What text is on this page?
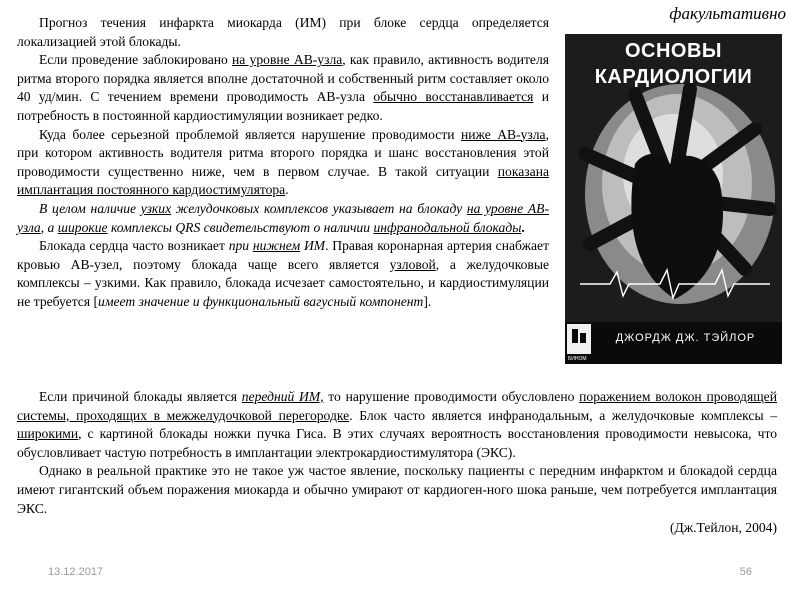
факультативно

Прогноз течения инфаркта миокарда (ИМ) при блоке сердца определяется локализацией этой блокады.

Если проведение заблокировано на уровне АВ-узла, как правило, активность водителя ритма второго порядка является вполне достаточной и собственный ритм составляет около 40 уд/мин. С течением времени проводимость АВ-узла обычно восстанавливается и потребность в постоянной кардиостимуляции возникает редко.

Куда более серьезной проблемой является нарушение проводимости ниже АВ-узла, при котором активность водителя ритма второго порядка и шанс восстановления этой проводимости существенно ниже, чем в первом случае. В такой ситуации показана имплантация постоянного кардиостимулятора.

В целом наличие узких желудочковых комплексов указывает на блокаду на уровне АВ-узла, а широкие комплексы QRS свидетельствуют о наличии инфранодальной блокады.

Блокада сердца часто возникает при нижнем ИМ. Правая коронарная артерия снабжает кровью АВ-узел, поэтому блокада чаще всего является узловой, а желудочковые комплексы – узкими. Как правило, блокада исчезает самостоятельно, и кардиостимуляции не требуется [имеет значение и функциональный вагусный компонент].

ОСНОВЫ
КАРДИОЛОГИИ
ДЖОРДЖ ДЖ. ТЭЙЛОР
БИНОМ

Если причиной блокады является передний ИМ, то нарушение проводимости обусловлено поражением волокон проводящей системы, проходящих в межжелудочковой перегородке. Блок часто является инфранодальным, а желудочковые комплексы – широкими, с картиной блокады ножки пучка Гиса. В этих случаях вероятность восстановления проводимости невысока, что обусловливает частую потребность в имплантации электрокардиостимулятора (ЭКС).

Однако в реальной практике это не такое уж частое явление, поскольку пациенты с передним инфарктом и блокадой сердца имеют гигантский объем поражения миокарда и обычно умирают от кардиоген-ного шока раньше, чем потребуется имплантация ЭКС.

(Дж.Тейлон, 2004)

13.12.2017	56
